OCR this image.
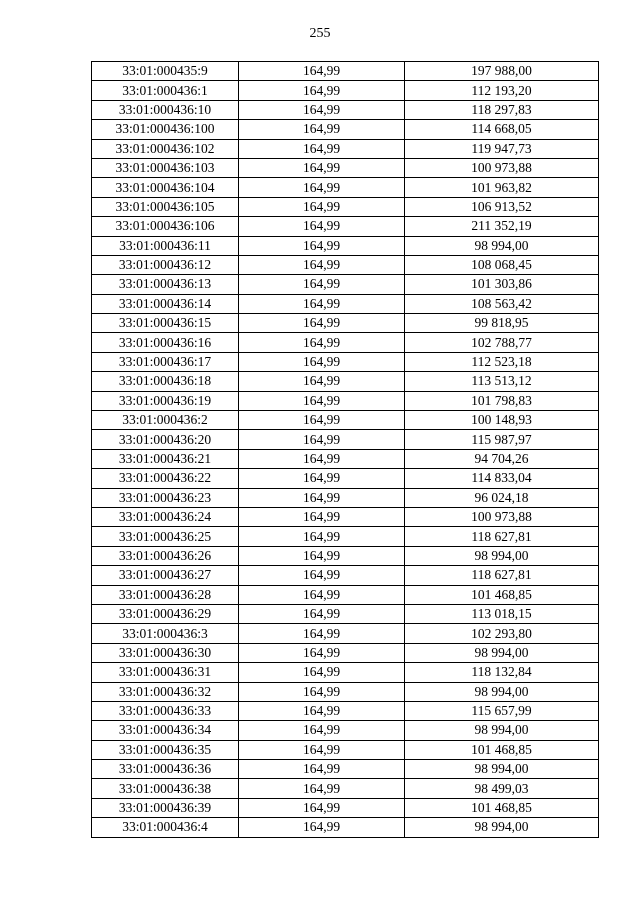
255
33:01:000435:9	164,99	197 988,00
33:01:000436:1	164,99	112 193,20
33:01:000436:10	164,99	118 297,83
33:01:000436:100	164,99	114 668,05
33:01:000436:102	164,99	119 947,73
33:01:000436:103	164,99	100 973,88
33:01:000436:104	164,99	101 963,82
33:01:000436:105	164,99	106 913,52
33:01:000436:106	164,99	211 352,19
33:01:000436:11	164,99	98 994,00
33:01:000436:12	164,99	108 068,45
33:01:000436:13	164,99	101 303,86
33:01:000436:14	164,99	108 563,42
33:01:000436:15	164,99	99 818,95
33:01:000436:16	164,99	102 788,77
33:01:000436:17	164,99	112 523,18
33:01:000436:18	164,99	113 513,12
33:01:000436:19	164,99	101 798,83
33:01:000436:2	164,99	100 148,93
33:01:000436:20	164,99	115 987,97
33:01:000436:21	164,99	94 704,26
33:01:000436:22	164,99	114 833,04
33:01:000436:23	164,99	96 024,18
33:01:000436:24	164,99	100 973,88
33:01:000436:25	164,99	118 627,81
33:01:000436:26	164,99	98 994,00
33:01:000436:27	164,99	118 627,81
33:01:000436:28	164,99	101 468,85
33:01:000436:29	164,99	113 018,15
33:01:000436:3	164,99	102 293,80
33:01:000436:30	164,99	98 994,00
33:01:000436:31	164,99	118 132,84
33:01:000436:32	164,99	98 994,00
33:01:000436:33	164,99	115 657,99
33:01:000436:34	164,99	98 994,00
33:01:000436:35	164,99	101 468,85
33:01:000436:36	164,99	98 994,00
33:01:000436:38	164,99	98 499,03
33:01:000436:39	164,99	101 468,85
33:01:000436:4	164,99	98 994,00
